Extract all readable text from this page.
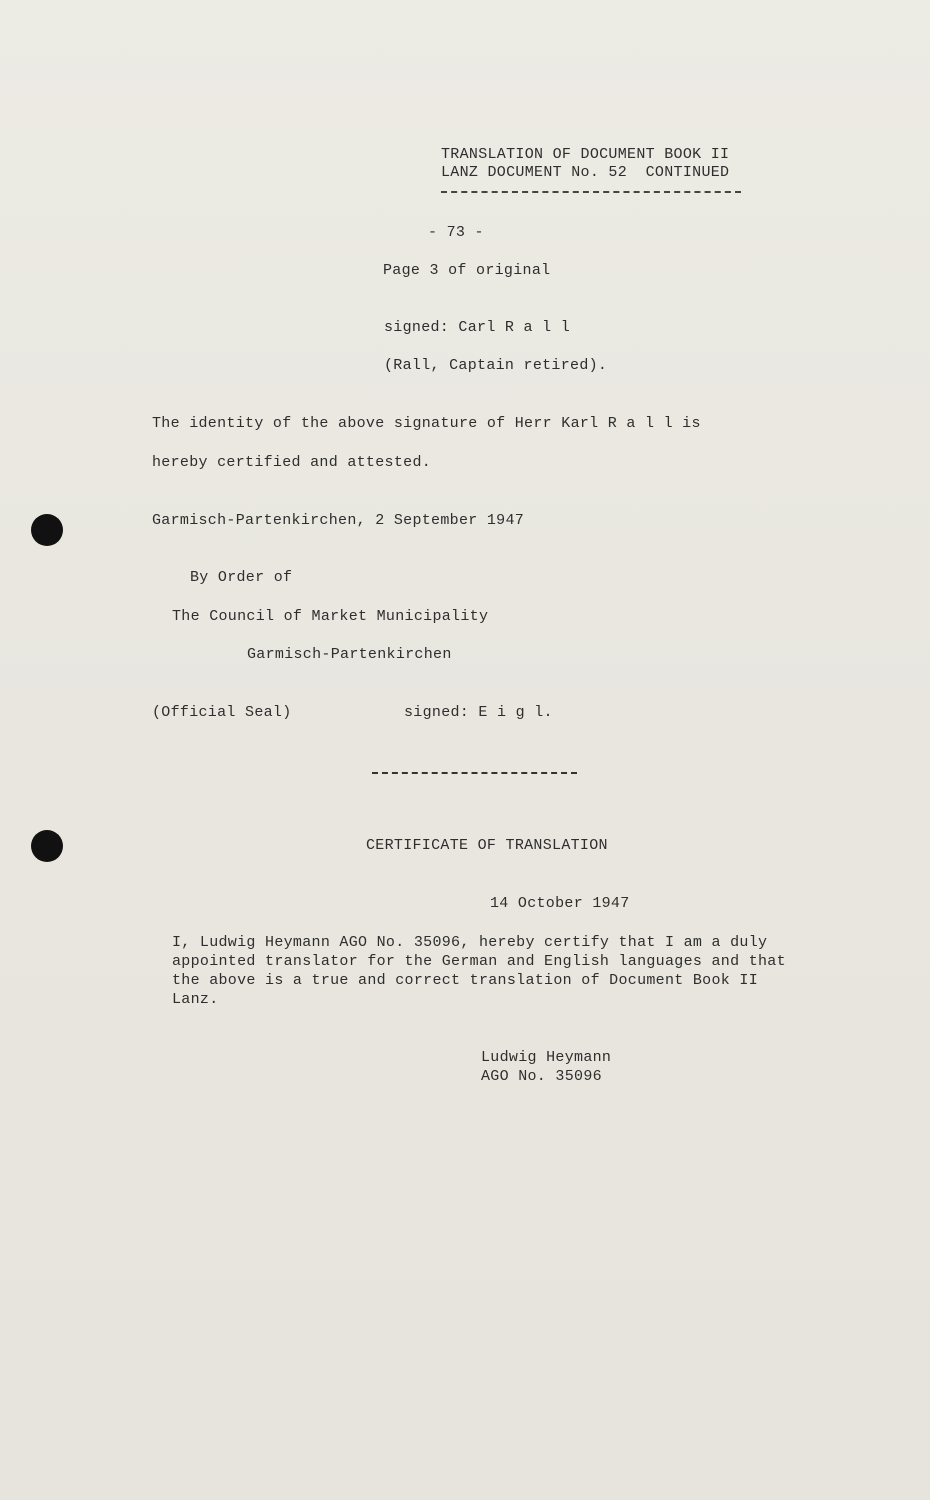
TRANSLATION OF DOCUMENT BOOK II
LANZ DOCUMENT No. 52  CONTINUED
- 73 -
Page 3 of original
signed: Carl R a l l
(Rall, Captain retired).
The identity of the above signature of Herr Karl R a l l is
hereby certified and attested.
Garmisch-Partenkirchen, 2 September 1947
By Order of
The Council of Market Municipality
Garmisch-Partenkirchen
(Official Seal)	signed: E i g l.
CERTIFICATE OF TRANSLATION
14 October 1947
I, Ludwig Heymann AGO No. 35096, hereby certify that I am a duly
appointed translator for the German and English languages and that
the above is a true and correct translation of Document Book II
Lanz.
Ludwig Heymann
AGO No. 35096
